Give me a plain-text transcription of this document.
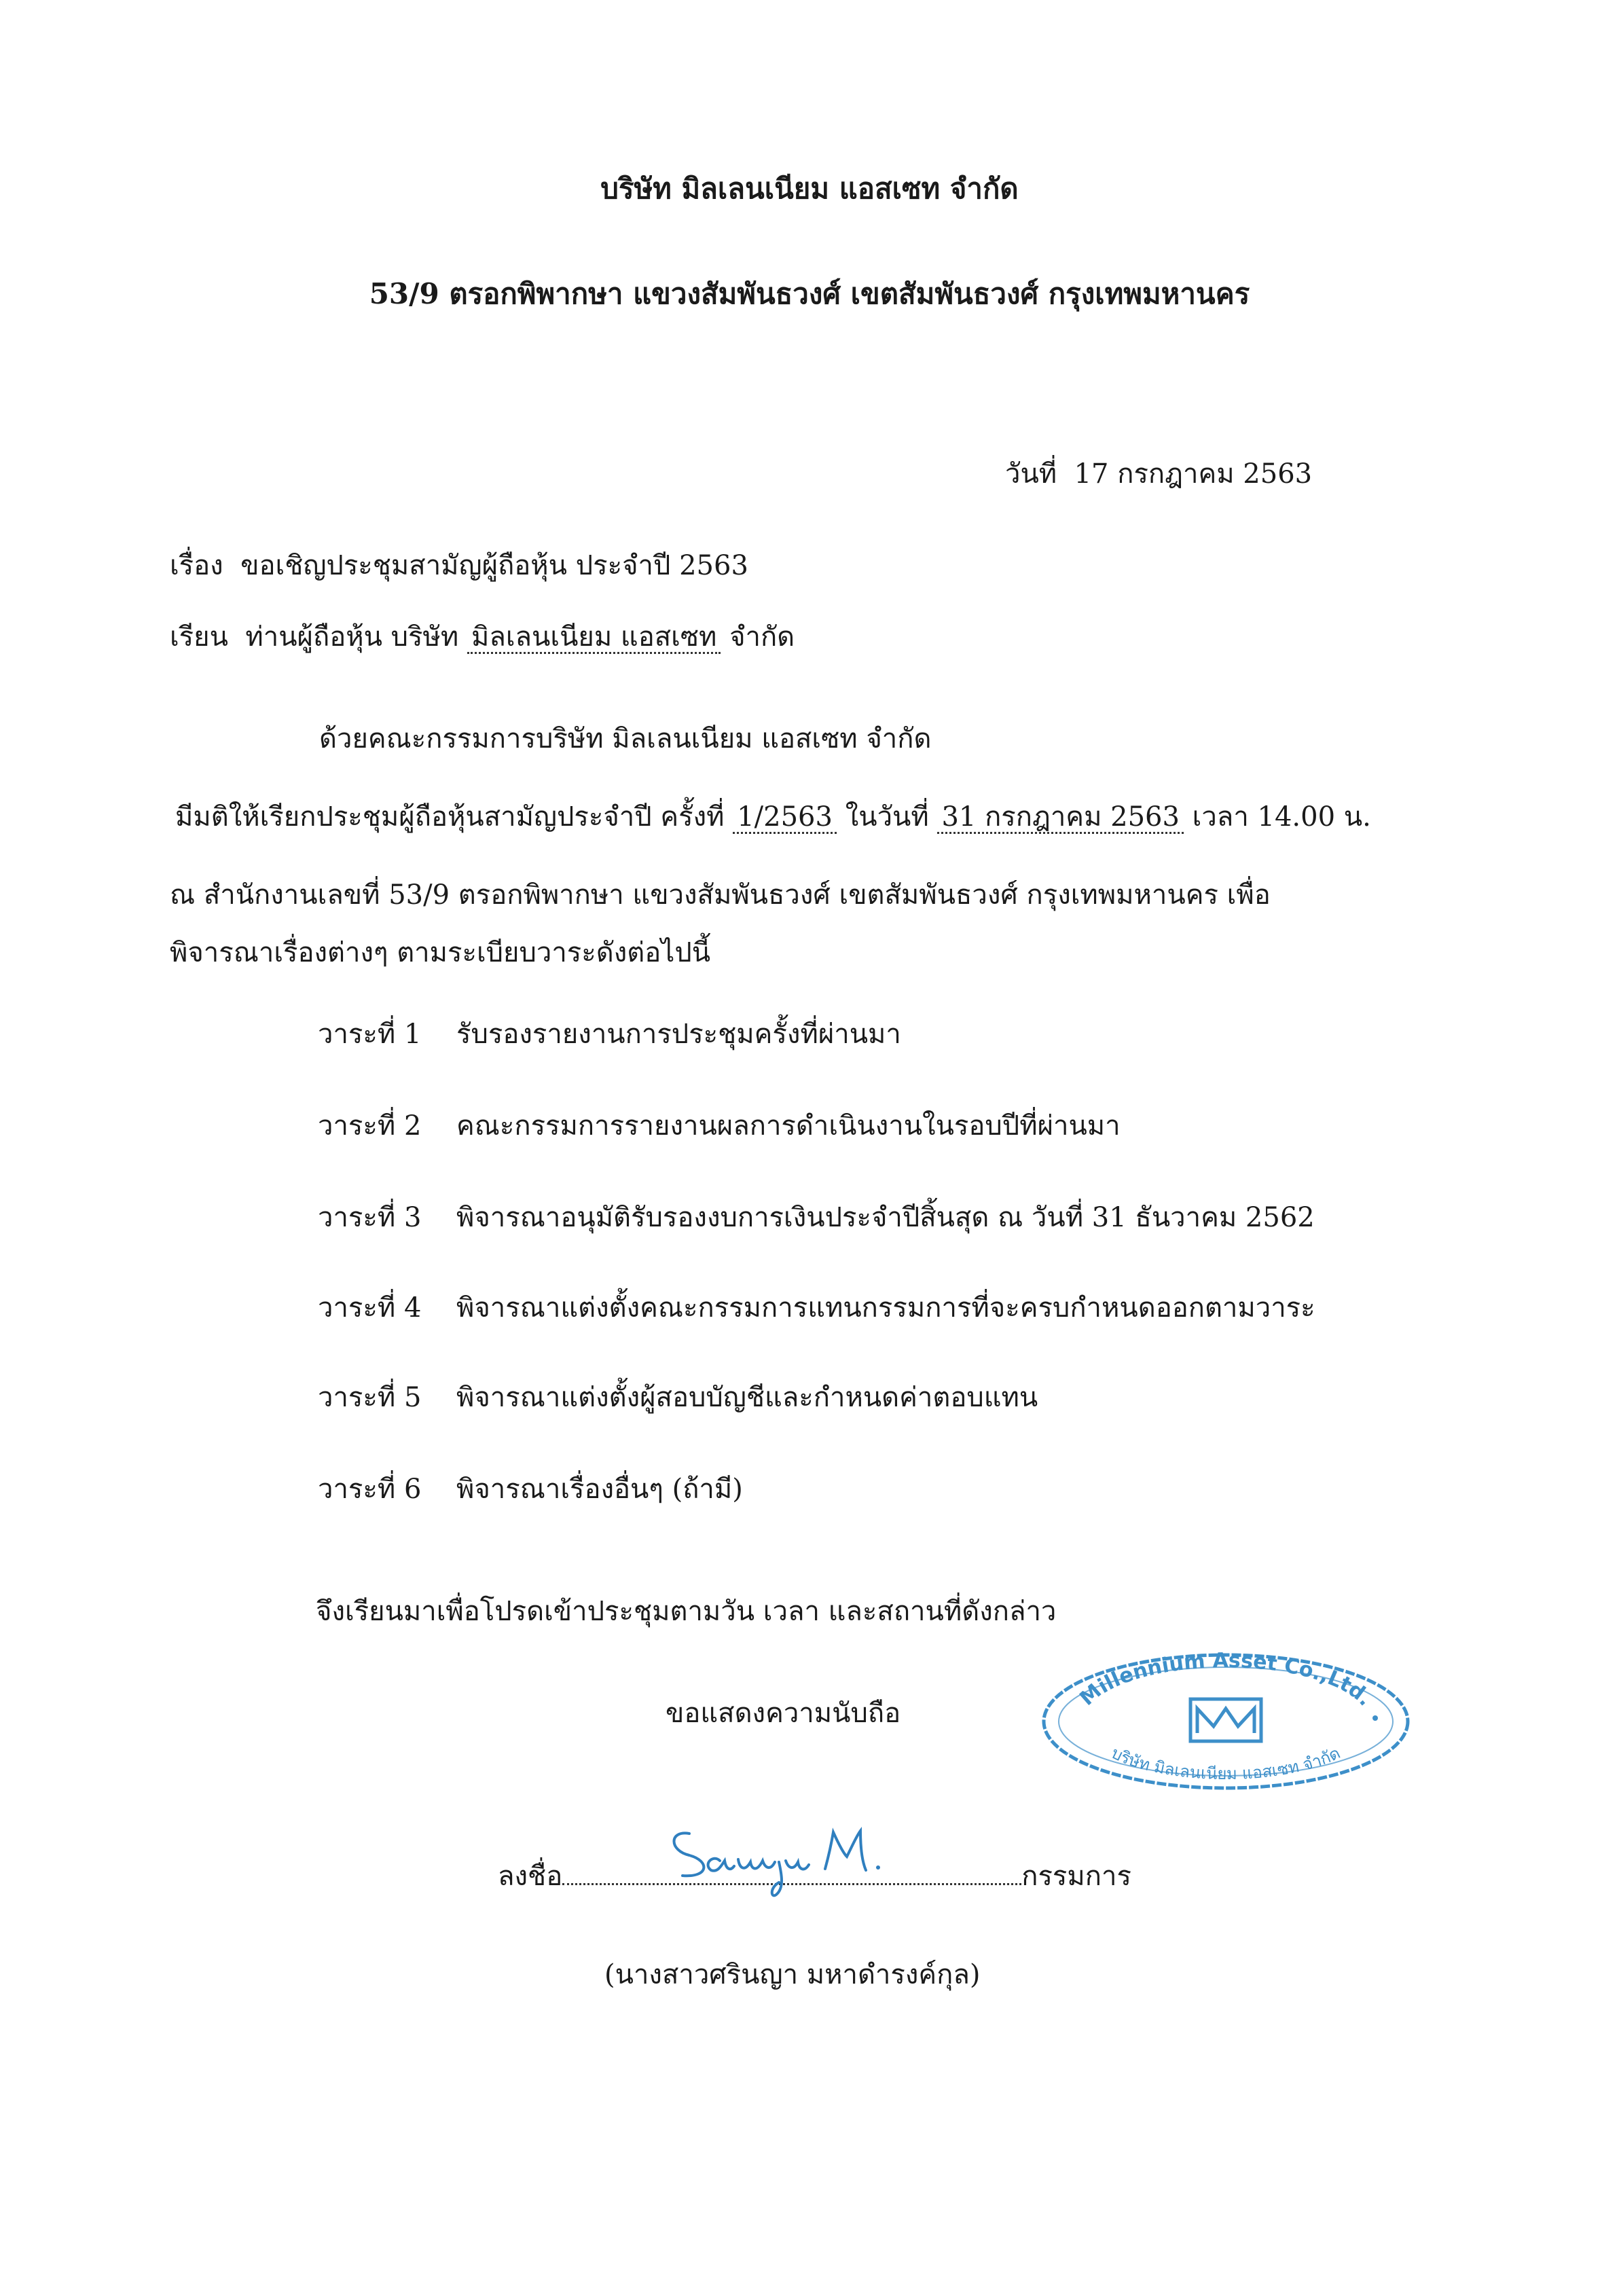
บริษัท มิลเลนเนียม แอสเซท จำกัด
53/9 ตรอกพิพากษา แขวงสัมพันธวงศ์ เขตสัมพันธวงศ์ กรุงเทพมหานคร
วันที่ 17 กรกฎาคม 2563
เรื่อง ขอเชิญประชุมสามัญผู้ถือหุ้น ประจำปี 2563
เรียน ท่านผู้ถือหุ้น บริษัท มิลเลนเนียม แอสเซท จำกัด
ด้วยคณะกรรมการบริษัท มิลเลนเนียม แอสเซท จำกัด
มีมติให้เรียกประชุมผู้ถือหุ้นสามัญประจำปี ครั้งที่ 1/2563 ในวันที่ 31 กรกฎาคม 2563 เวลา 14.00 น.
ณ สำนักงานเลขที่ 53/9 ตรอกพิพากษา แขวงสัมพันธวงศ์ เขตสัมพันธวงศ์ กรุงเทพมหานคร เพื่อ
พิจารณาเรื่องต่างๆ ตามระเบียบวาระดังต่อไปนี้
วาระที่ 1 รับรองรายงานการประชุมครั้งที่ผ่านมา
วาระที่ 2 คณะกรรมการรายงานผลการดำเนินงานในรอบปีที่ผ่านมา
วาระที่ 3 พิจารณาอนุมัติรับรองงบการเงินประจำปีสิ้นสุด ณ วันที่ 31 ธันวาคม 2562
วาระที่ 4 พิจารณาแต่งตั้งคณะกรรมการแทนกรรมการที่จะครบกำหนดออกตามวาระ
วาระที่ 5 พิจารณาแต่งตั้งผู้สอบบัญชีและกำหนดค่าตอบแทน
วาระที่ 6 พิจารณาเรื่องอื่นๆ (ถ้ามี)
จึงเรียนมาเพื่อโปรดเข้าประชุมตามวัน เวลา และสถานที่ดังกล่าว
ขอแสดงความนับถือ
Millennium Asset Co.,Ltd.
บริษัท มิลเลนเนียม แอสเซท จำกัด
ลงชื่อ	กรรมการ
(นางสาวศรินญา มหาดำรงค์กุล)
